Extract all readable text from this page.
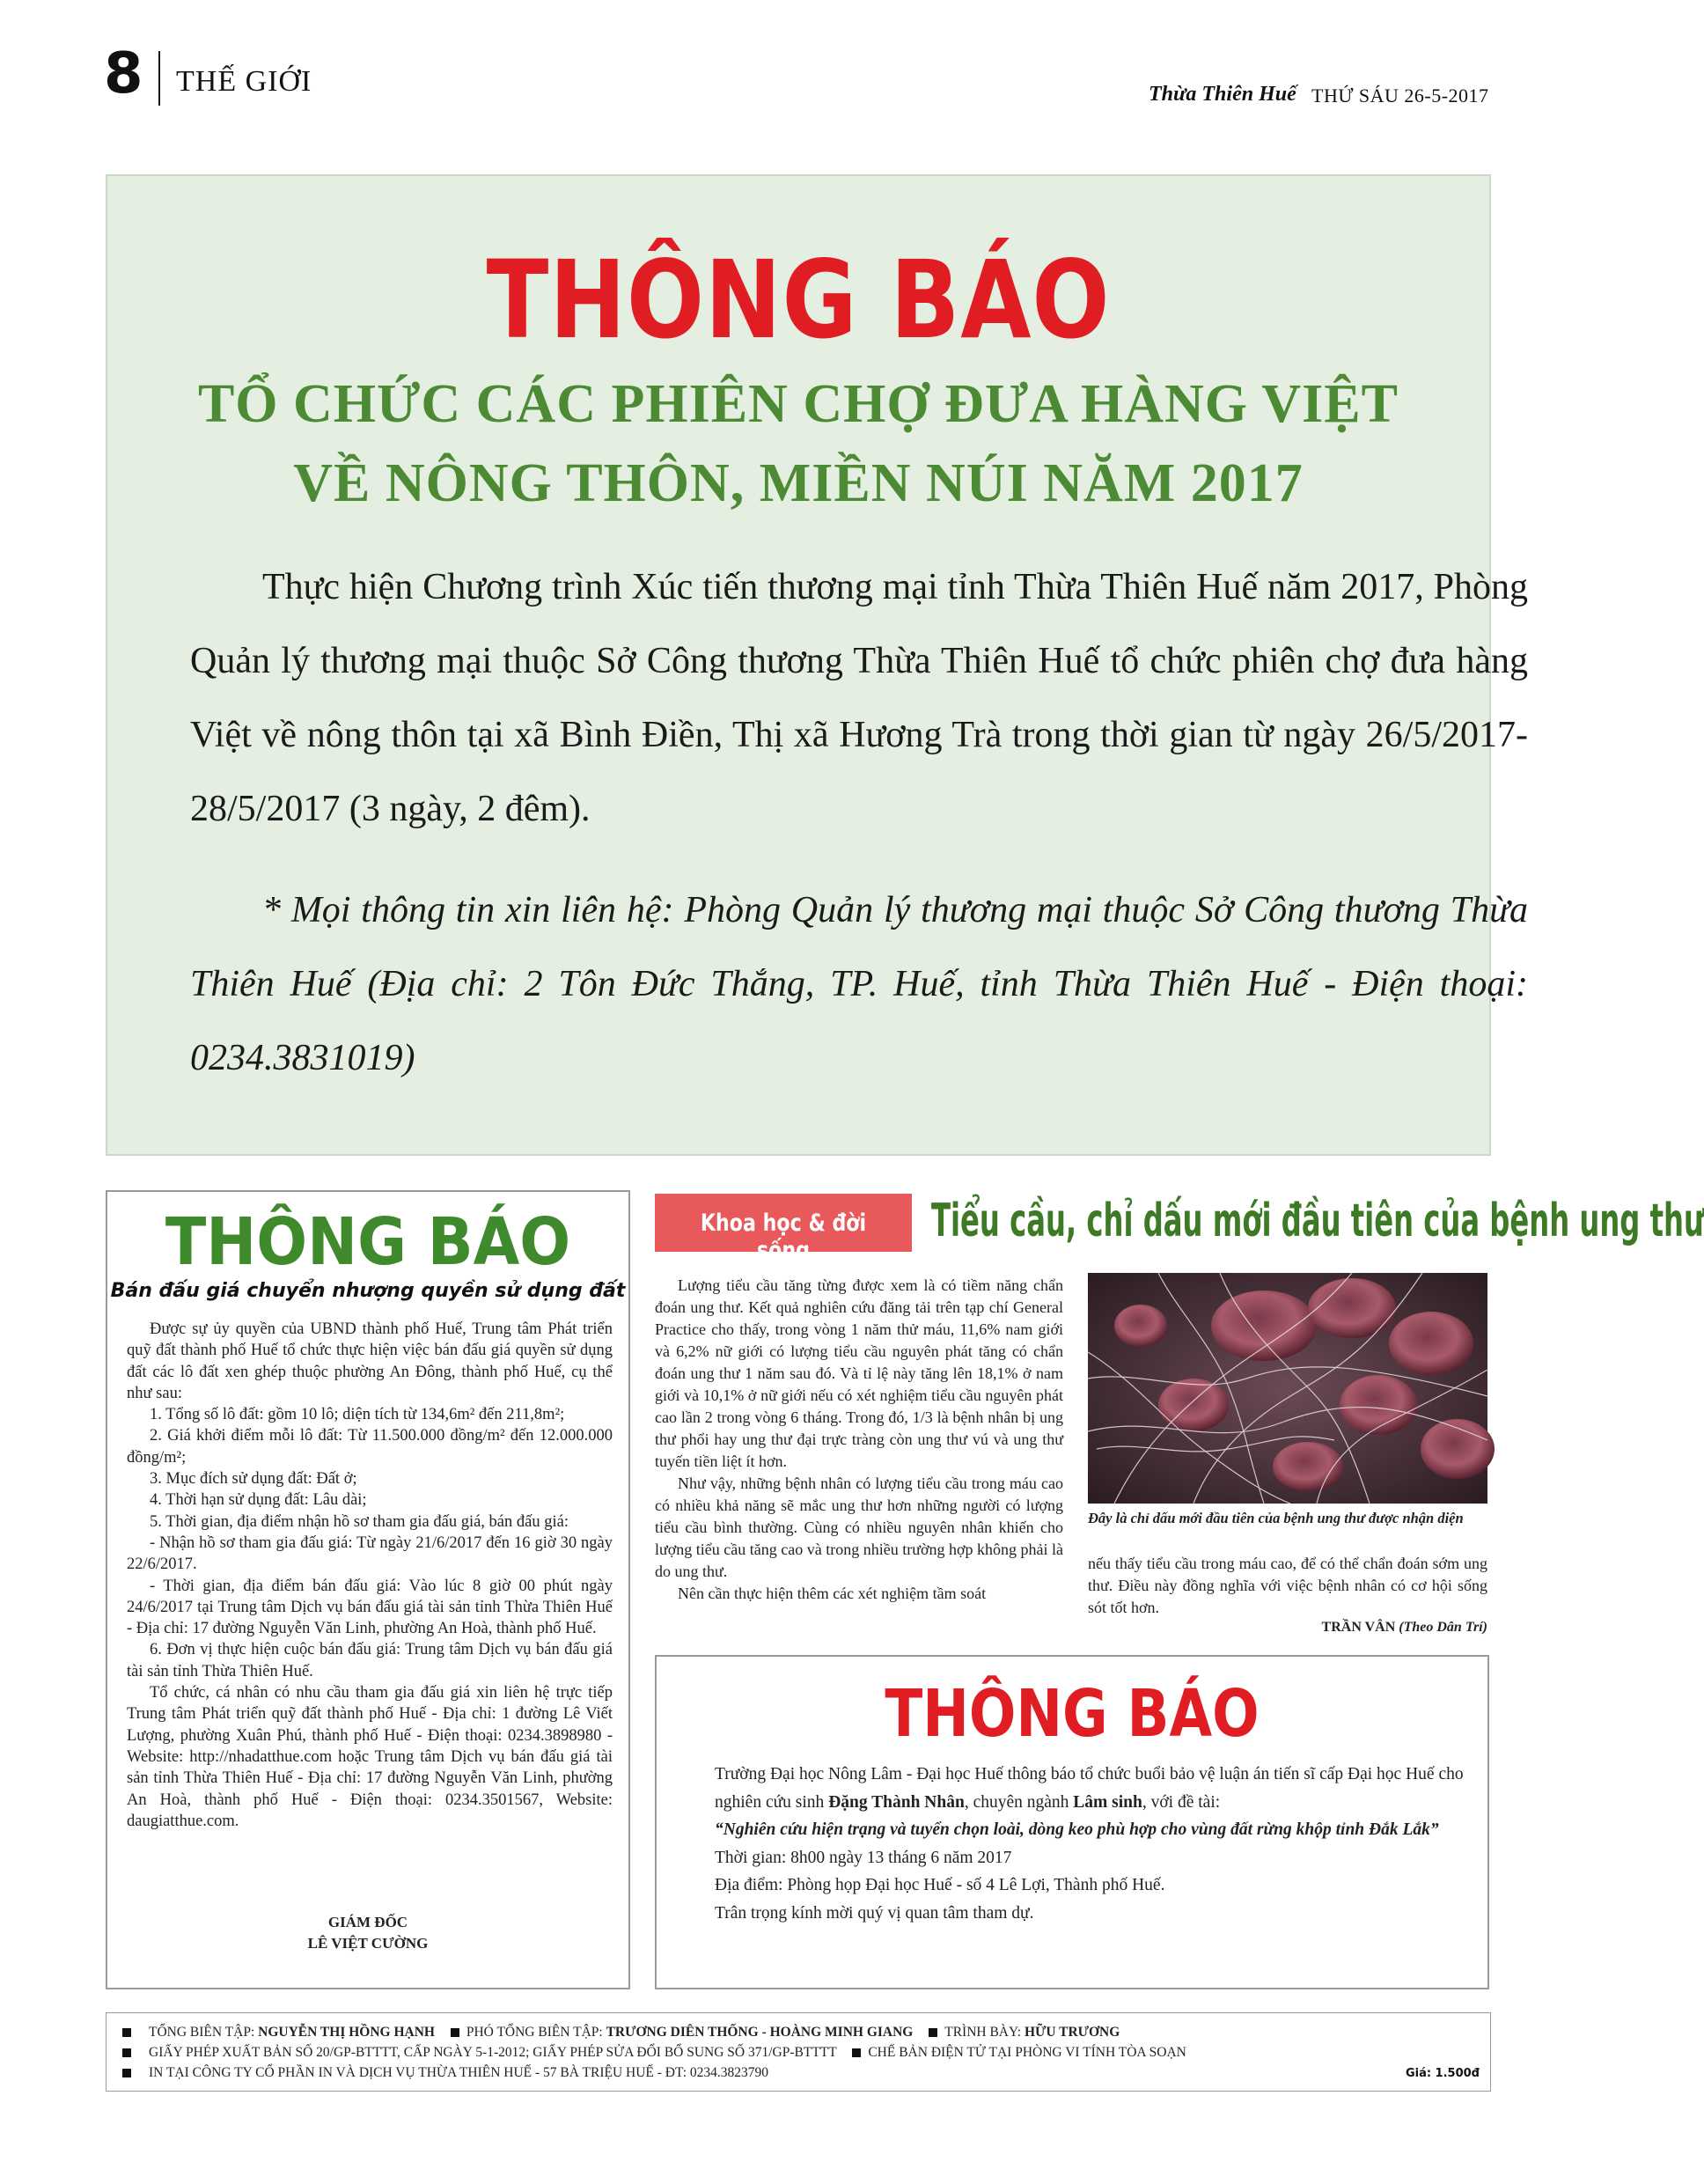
8 THẾ GIỚI	Thừa Thiên Huế THỨ SÁU 26-5-2017
THÔNG BÁO
TỔ CHỨC CÁC PHIÊN CHỢ ĐƯA HÀNG VIỆT
VỀ NÔNG THÔN, MIỀN NÚI NĂM 2017
Thực hiện Chương trình Xúc tiến thương mại tỉnh Thừa Thiên Huế năm 2017, Phòng Quản lý thương mại thuộc Sở Công thương Thừa Thiên Huế tổ chức phiên chợ đưa hàng Việt về nông thôn tại xã Bình Điền, Thị xã Hương Trà trong thời gian từ ngày 26/5/2017- 28/5/2017 (3 ngày, 2 đêm).
* Mọi thông tin xin liên hệ: Phòng Quản lý thương mại thuộc Sở Công thương Thừa Thiên Huế (Địa chỉ: 2 Tôn Đức Thắng, TP. Huế, tỉnh Thừa Thiên Huế - Điện thoại: 0234.3831019)
THÔNG BÁO
Bán đấu giá chuyển nhượng quyền sử dụng đất

Được sự ủy quyền của UBND thành phố Huế, Trung tâm Phát triển quỹ đất thành phố Huế tổ chức thực hiện việc bán đấu giá quyền sử dụng đất các lô đất xen ghép thuộc phường An Đông, thành phố Huế, cụ thể như sau:

1. Tổng số lô đất: gồm 10 lô; diện tích từ 134,6m² đến 211,8m²;

2. Giá khởi điểm mỗi lô đất: Từ 11.500.000 đồng/m² đến 12.000.000 đồng/m²;

3. Mục đích sử dụng đất: Đất ở;

4. Thời hạn sử dụng đất: Lâu dài;

5. Thời gian, địa điểm nhận hồ sơ tham gia đấu giá, bán đấu giá:

- Nhận hồ sơ tham gia đấu giá: Từ ngày 21/6/2017 đến 16 giờ 30 ngày 22/6/2017.

- Thời gian, địa điểm bán đấu giá: Vào lúc 8 giờ 00 phút ngày 24/6/2017 tại Trung tâm Dịch vụ bán đấu giá tài sản tỉnh Thừa Thiên Huế - Địa chỉ: 17 đường Nguyễn Văn Linh, phường An Hoà, thành phố Huế.

6. Đơn vị thực hiện cuộc bán đấu giá: Trung tâm Dịch vụ bán đấu giá tài sản tỉnh Thừa Thiên Huế.

Tổ chức, cá nhân có nhu cầu tham gia đấu giá xin liên hệ trực tiếp Trung tâm Phát triển quỹ đất thành phố Huế - Địa chỉ: 1 đường Lê Viết Lượng, phường Xuân Phú, thành phố Huế - Điện thoại: 0234.3898980 - Website: http://nhadatthue.com hoặc Trung tâm Dịch vụ bán đấu giá tài sản tỉnh Thừa Thiên Huế - Địa chỉ: 17 đường Nguyễn Văn Linh, phường An Hoà, thành phố Huế - Điện thoại: 0234.3501567, Website: daugiatthue.com.

GIÁM ĐỐC
LÊ VIỆT CƯỜNG
Khoa học & đời sống
Tiểu cầu, chỉ dấu mới đầu tiên của bệnh ung thư

Lượng tiểu cầu tăng từng được xem là có tiềm năng chẩn đoán ung thư. Kết quả nghiên cứu đăng tải trên tạp chí General Practice cho thấy, trong vòng 1 năm thử máu, 11,6% nam giới và 6,2% nữ giới có lượng tiểu cầu nguyên phát tăng có chẩn đoán ung thư 1 năm sau đó. Và tỉ lệ này tăng lên 18,1% ở nam giới và 10,1% ở nữ giới nếu có xét nghiệm tiểu cầu nguyên phát cao lần 2 trong vòng 6 tháng. Trong đó, 1/3 là bệnh nhân bị ung thư phổi hay ung thư đại trực tràng còn ung thư vú và ung thư tuyến tiền liệt ít hơn.

Như vậy, những bệnh nhân có lượng tiểu cầu trong máu cao có nhiều khả năng sẽ mắc ung thư hơn những người có lượng tiểu cầu bình thường. Cùng có nhiều nguyên nhân khiến cho lượng tiểu cầu tăng cao và trong nhiều trường hợp không phải là do ung thư.

Nên cần thực hiện thêm các xét nghiệm tầm soát

Đây là chỉ dấu mới đầu tiên của bệnh ung thư được nhận diện
nếu thấy tiểu cầu trong máu cao, để có thể chẩn đoán sớm ung thư. Điều này đồng nghĩa với việc bệnh nhân có cơ hội sống sót tốt hơn.
TRẦN VÂN (Theo Dân Trí)
THÔNG BÁO
Trường Đại học Nông Lâm - Đại học Huế thông báo tổ chức buổi bảo vệ luận án tiến sĩ cấp Đại học Huế cho nghiên cứu sinh Đặng Thành Nhân, chuyên ngành Lâm sinh, với đề tài:
“Nghiên cứu hiện trạng và tuyển chọn loài, dòng keo phù hợp cho vùng đất rừng khộp tỉnh Đắk Lắk”
Thời gian: 8h00 ngày 13 tháng 6 năm 2017
Địa điểm: Phòng họp Đại học Huế - số 4 Lê Lợi, Thành phố Huế.
Trân trọng kính mời quý vị quan tâm tham dự.
TỔNG BIÊN TẬP: NGUYỄN THỊ HỒNG HẠNH PHÓ TỔNG BIÊN TẬP: TRƯƠNG DIÊN THỐNG - HOÀNG MINH GIANG TRÌNH BÀY: HỮU TRƯƠNG
GIẤY PHÉP XUẤT BẢN SỐ 20/GP-BTTTT, CẤP NGÀY 5-1-2012; GIẤY PHÉP SỬA ĐỔI BỔ SUNG SỐ 371/GP-BTTTT CHẾ BẢN ĐIỆN TỬ TẠI PHÒNG VI TÍNH TÒA SOẠN
IN TẠI CÔNG TY CỔ PHẦN IN VÀ DỊCH VỤ THỪA THIÊN HUẾ - 57 BÀ TRIỆU HUẾ - ĐT: 0234.3823790	Giá: 1.500đ
